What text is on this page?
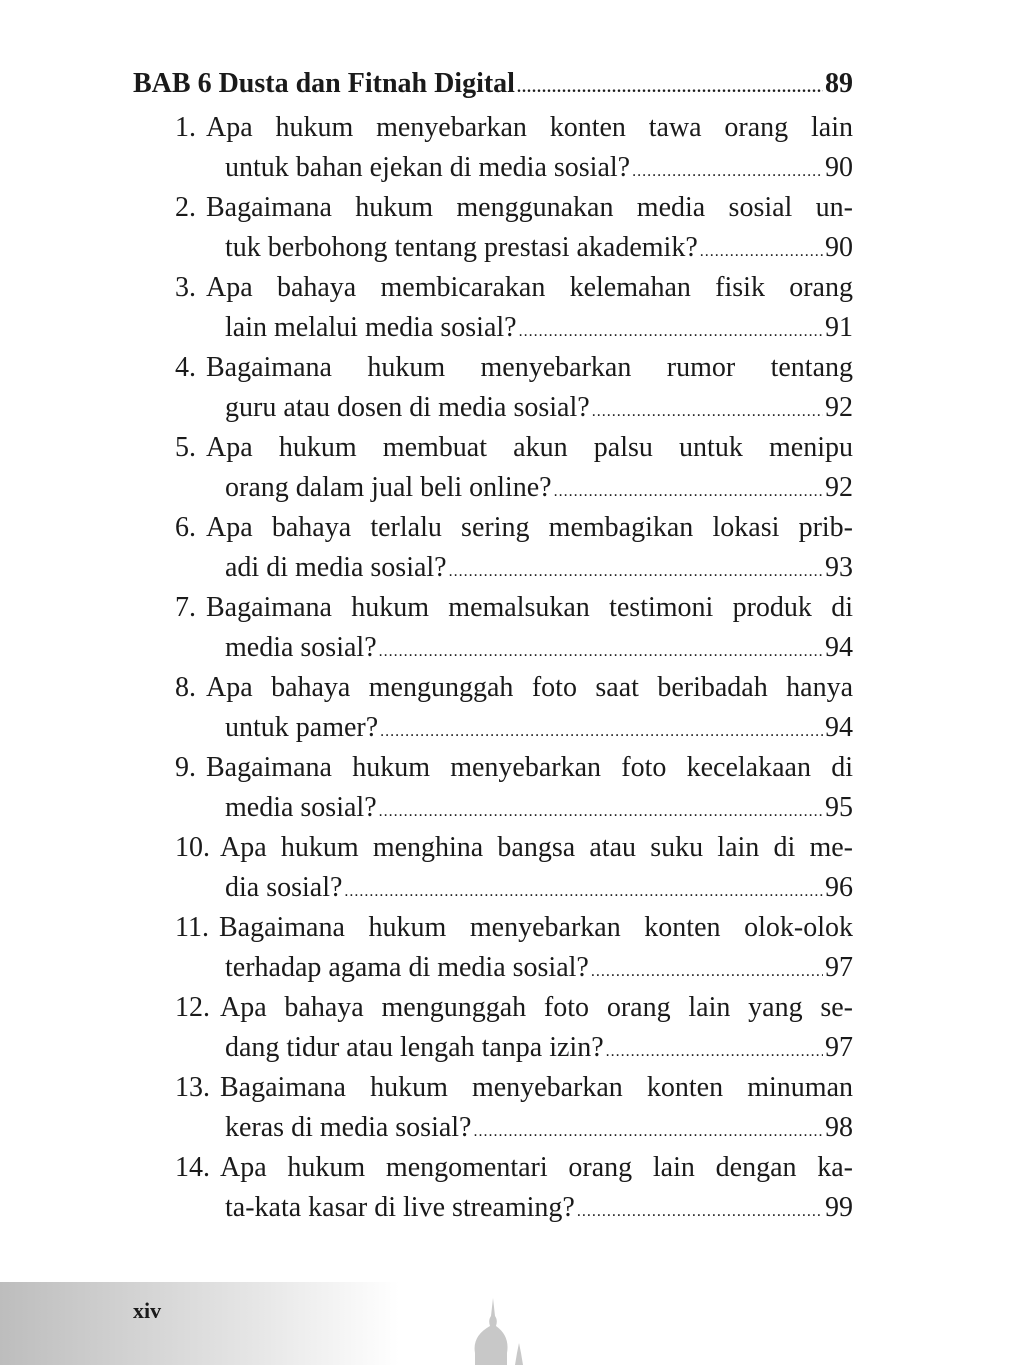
BAB 6 Dusta dan Fitnah Digital .....	89
1. Apa hukum menyebarkan konten tawa orang lain
untuk bahan ejekan di media sosial? .....	90
2. Bagaimana hukum menggunakan media sosial un-
tuk berbohong tentang prestasi akademik? .....	90
3. Apa bahaya membicarakan kelemahan fisik orang
lain melalui media sosial? .....	91
4. Bagaimana hukum menyebarkan rumor tentang
guru atau dosen di media sosial? .....	92
5. Apa hukum membuat akun palsu untuk menipu
orang dalam jual beli online? .....	92
6. Apa bahaya terlalu sering membagikan lokasi prib-
adi di media sosial? .....	93
7. Bagaimana hukum memalsukan testimoni produk di
media sosial? .....	94
8. Apa bahaya mengunggah foto saat beribadah hanya
untuk pamer? .....	94
9. Bagaimana hukum menyebarkan foto kecelakaan di
media sosial? .....	95
10. Apa hukum menghina bangsa atau suku lain di me-
dia sosial? .....	96
11. Bagaimana hukum menyebarkan konten olok-olok
terhadap agama di media sosial? .....	97
12. Apa bahaya mengunggah foto orang lain yang se-
dang tidur atau lengah tanpa izin? .....	97
13. Bagaimana hukum menyebarkan konten minuman
keras di media sosial? .....	98
14. Apa hukum mengomentari orang lain dengan ka-
ta-kata kasar di live streaming? .....	99
xiv
